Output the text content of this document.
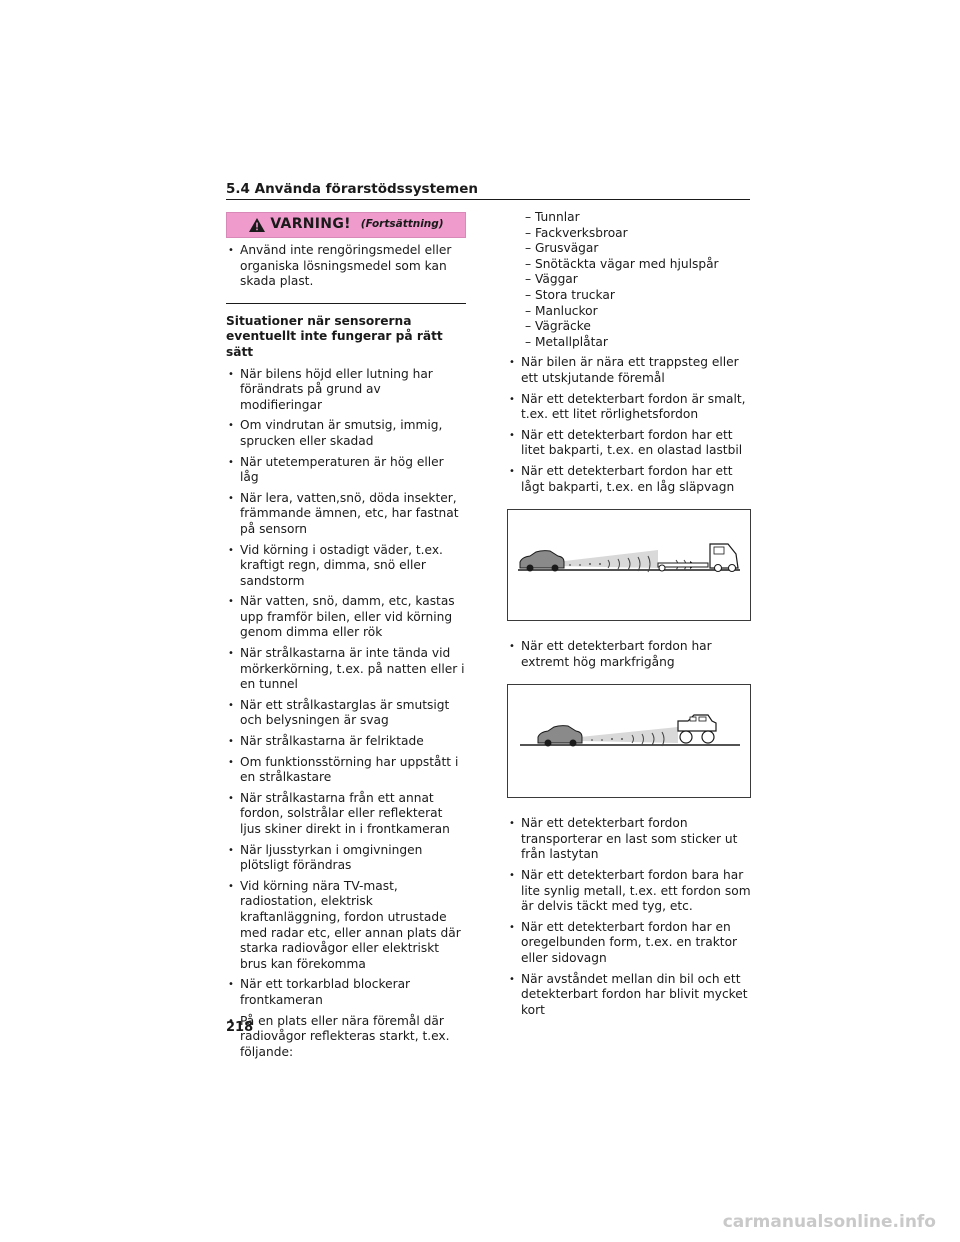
5.4 Använda förarstödssystemen
VARNING! (Fortsättning)
• Använd inte rengöringsmedel eller organiska lösningsmedel som kan skada plast.
Situationer när sensorerna eventuellt inte fungerar på rätt sätt
• När bilens höjd eller lutning har förändrats på grund av modifieringar
• Om vindrutan är smutsig, immig, sprucken eller skadad
• När utetemperaturen är hög eller låg
• När lera, vatten,snö, döda insekter, främmande ämnen, etc, har fastnat på sensorn
• Vid körning i ostadigt väder, t.ex. kraftigt regn, dimma, snö eller sandstorm
• När vatten, snö, damm, etc, kastas upp framför bilen, eller vid körning genom dimma eller rök
• När strålkastarna är inte tända vid mörkerkörning, t.ex. på natten eller i en tunnel
• När ett strålkastarglas är smutsigt och belysningen är svag
• När strålkastarna är felriktade
• Om funktionsstörning har uppstått i en strålkastare
• När strålkastarna från ett annat fordon, solstrålar eller reflekterat ljus skiner direkt in i frontkameran
• När ljusstyrkan i omgivningen plötsligt förändras
• Vid körning nära TV-mast, radiostation, elektrisk kraftanläggning, fordon utrustade med radar etc, eller annan plats där starka radiovågor eller elektriskt brus kan förekomma
• När ett torkarblad blockerar frontkameran
• På en plats eller nära föremål där radiovågor reflekteras starkt, t.ex. följande:
– Tunnlar
– Fackverksbroar
– Grusvägar
– Snötäckta vägar med hjulspår
– Väggar
– Stora truckar
– Manluckor
– Vägräcke
– Metallplåtar
• När bilen är nära ett trappsteg eller ett utskjutande föremål
• När ett detekterbart fordon är smalt, t.ex. ett litet rörlighetsfordon
• När ett detekterbart fordon har ett litet bakparti, t.ex. en olastad lastbil
• När ett detekterbart fordon har ett lågt bakparti, t.ex. en låg släpvagn
• När ett detekterbart fordon har extremt hög markfrigång
• När ett detekterbart fordon transporterar en last som sticker ut från lastytan
• När ett detekterbart fordon bara har lite synlig metall, t.ex. ett fordon som är delvis täckt med tyg, etc.
• När ett detekterbart fordon har en oregelbunden form, t.ex. en traktor eller sidovagn
• När avståndet mellan din bil och ett detekterbart fordon har blivit mycket kort
218
carmanualsonline.info
